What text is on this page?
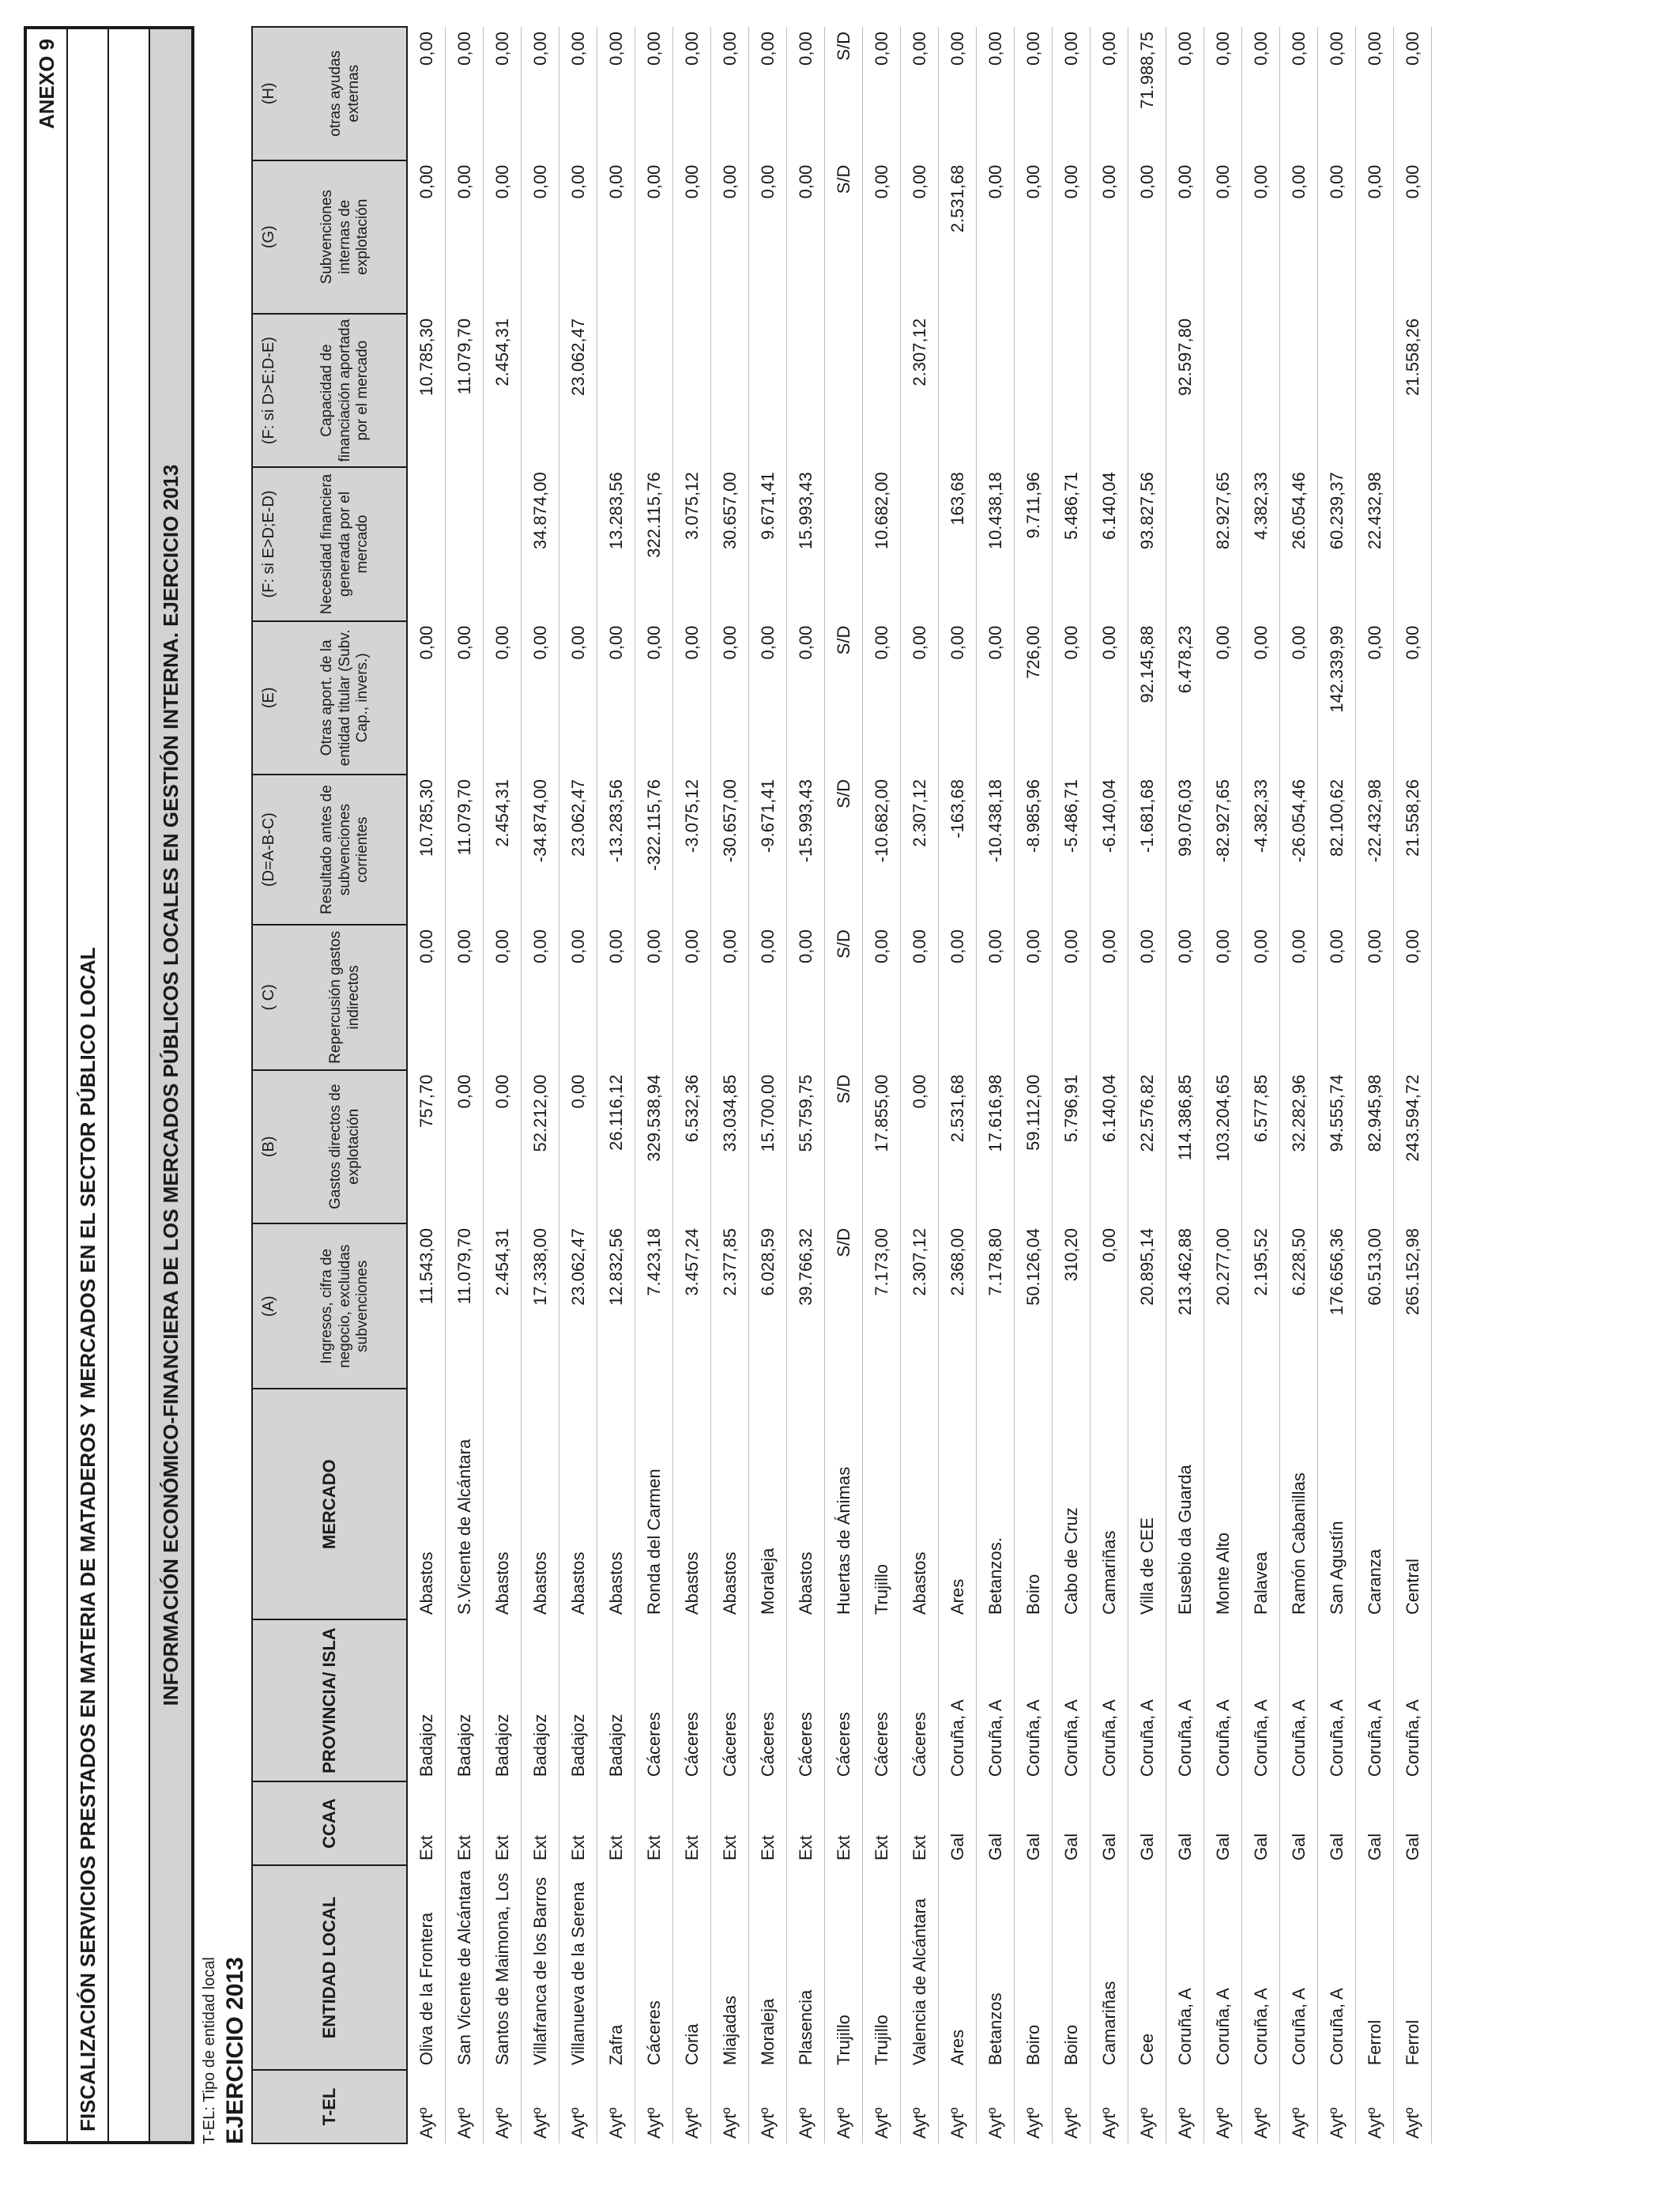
ANEXO 9
FISCALIZACIÓN SERVICIOS PRESTADOS EN MATERIA DE MATADEROS Y MERCADOS EN EL SECTOR PÚBLICO LOCAL	INFORMACIÓN ECONÓMICO-FINANCIERA DE LOS MERCADOS PÚBLICOS LOCALES EN GESTIÓN INTERNA. EJERCICIO 2013
T-EL: Tipo de entidad local EJERCICIO 2013	T-EL	ENTIDAD LOCAL	CCAA	PROVINCIA/ ISLA	MERCADO	(A)	(B)	( C)	(D=A-B-C)	(E)	(F: si E>D;E-D)	(F: si D>E;D-E)	(G)	(H)
					Ingresos, cifra de negocio, excluidas subvenciones	Gastos directos de explotación	Repercusión gastos indirectos	Resultado antes de subvenciones corrientes	Otras aport. de la entidad titular (Subv. Cap., invers.)	Necesidad financiera generada por el mercado	Capacidad de financiación aportada por el mercado	Subvenciones internas de explotación	otras ayudas externas
Aytº	Oliva de la Frontera	Ext	Badajoz	Abastos	11.543,00	757,70	0,00	10.785,30	0,00		10.785,30	0,00	0,00
Aytº	San Vicente de Alcántara	Ext	Badajoz	S.Vicente de Alcántara	11.079,70	0,00	0,00	11.079,70	0,00		11.079,70	0,00	0,00
Aytº	Santos de Maimona, Los	Ext	Badajoz	Abastos	2.454,31	0,00	0,00	2.454,31	0,00		2.454,31	0,00	0,00
Aytº	Villafranca de los Barros	Ext	Badajoz	Abastos	17.338,00	52.212,00	0,00	-34.874,00	0,00	34.874,00		0,00	0,00
Aytº	Villanueva de la Serena	Ext	Badajoz	Abastos	23.062,47	0,00	0,00	23.062,47	0,00		23.062,47	0,00	0,00
Aytº	Zafra	Ext	Badajoz	Abastos	12.832,56	26.116,12	0,00	-13.283,56	0,00	13.283,56		0,00	0,00
Aytº	Cáceres	Ext	Cáceres	Ronda del Carmen	7.423,18	329.538,94	0,00	-322.115,76	0,00	322.115,76		0,00	0,00
Aytº	Coria	Ext	Cáceres	Abastos	3.457,24	6.532,36	0,00	-3.075,12	0,00	3.075,12		0,00	0,00
Aytº	Miajadas	Ext	Cáceres	Abastos	2.377,85	33.034,85	0,00	-30.657,00	0,00	30.657,00		0,00	0,00
Aytº	Moraleja	Ext	Cáceres	Moraleja	6.028,59	15.700,00	0,00	-9.671,41	0,00	9.671,41		0,00	0,00
Aytº	Plasencia	Ext	Cáceres	Abastos	39.766,32	55.759,75	0,00	-15.993,43	0,00	15.993,43		0,00	0,00
Aytº	Trujillo	Ext	Cáceres	Huertas de Ánimas	S/D	S/D	S/D	S/D	S/D			S/D	S/D
Aytº	Trujillo	Ext	Cáceres	Trujillo	7.173,00	17.855,00	0,00	-10.682,00	0,00	10.682,00		0,00	0,00
Aytº	Valencia de Alcántara	Ext	Cáceres	Abastos	2.307,12	0,00	0,00	2.307,12	0,00		2.307,12	0,00	0,00
Aytº	Ares	Gal	Coruña, A	Ares	2.368,00	2.531,68	0,00	-163,68	0,00	163,68		2.531,68	0,00
Aytº	Betanzos	Gal	Coruña, A	Betanzos.	7.178,80	17.616,98	0,00	-10.438,18	0,00	10.438,18		0,00	0,00
Aytº	Boiro	Gal	Coruña, A	Boiro	50.126,04	59.112,00	0,00	-8.985,96	726,00	9.711,96		0,00	0,00
Aytº	Boiro	Gal	Coruña, A	Cabo de Cruz	310,20	5.796,91	0,00	-5.486,71	0,00	5.486,71		0,00	0,00
Aytº	Camariñas	Gal	Coruña, A	Camariñas	0,00	6.140,04	0,00	-6.140,04	0,00	6.140,04		0,00	0,00
Aytº	Cee	Gal	Coruña, A	Villa de CEE	20.895,14	22.576,82	0,00	-1.681,68	92.145,88	93.827,56		0,00	71.988,75
Aytº	Coruña, A	Gal	Coruña, A	Eusebio da Guarda	213.462,88	114.386,85	0,00	99.076,03	6.478,23		92.597,80	0,00	0,00
Aytº	Coruña, A	Gal	Coruña, A	Monte Alto	20.277,00	103.204,65	0,00	-82.927,65	0,00	82.927,65		0,00	0,00
Aytº	Coruña, A	Gal	Coruña, A	Palavea	2.195,52	6.577,85	0,00	-4.382,33	0,00	4.382,33		0,00	0,00
Aytº	Coruña, A	Gal	Coruña, A	Ramón Cabanillas	6.228,50	32.282,96	0,00	-26.054,46	0,00	26.054,46		0,00	0,00
Aytº	Coruña, A	Gal	Coruña, A	San Agustín	176.656,36	94.555,74	0,00	82.100,62	142.339,99	60.239,37		0,00	0,00
Aytº	Ferrol	Gal	Coruña, A	Caranza	60.513,00	82.945,98	0,00	-22.432,98	0,00	22.432,98		0,00	0,00
Aytº	Ferrol	Gal	Coruña, A	Central	265.152,98	243.594,72	0,00	21.558,26	0,00		21.558,26	0,00	0,00
